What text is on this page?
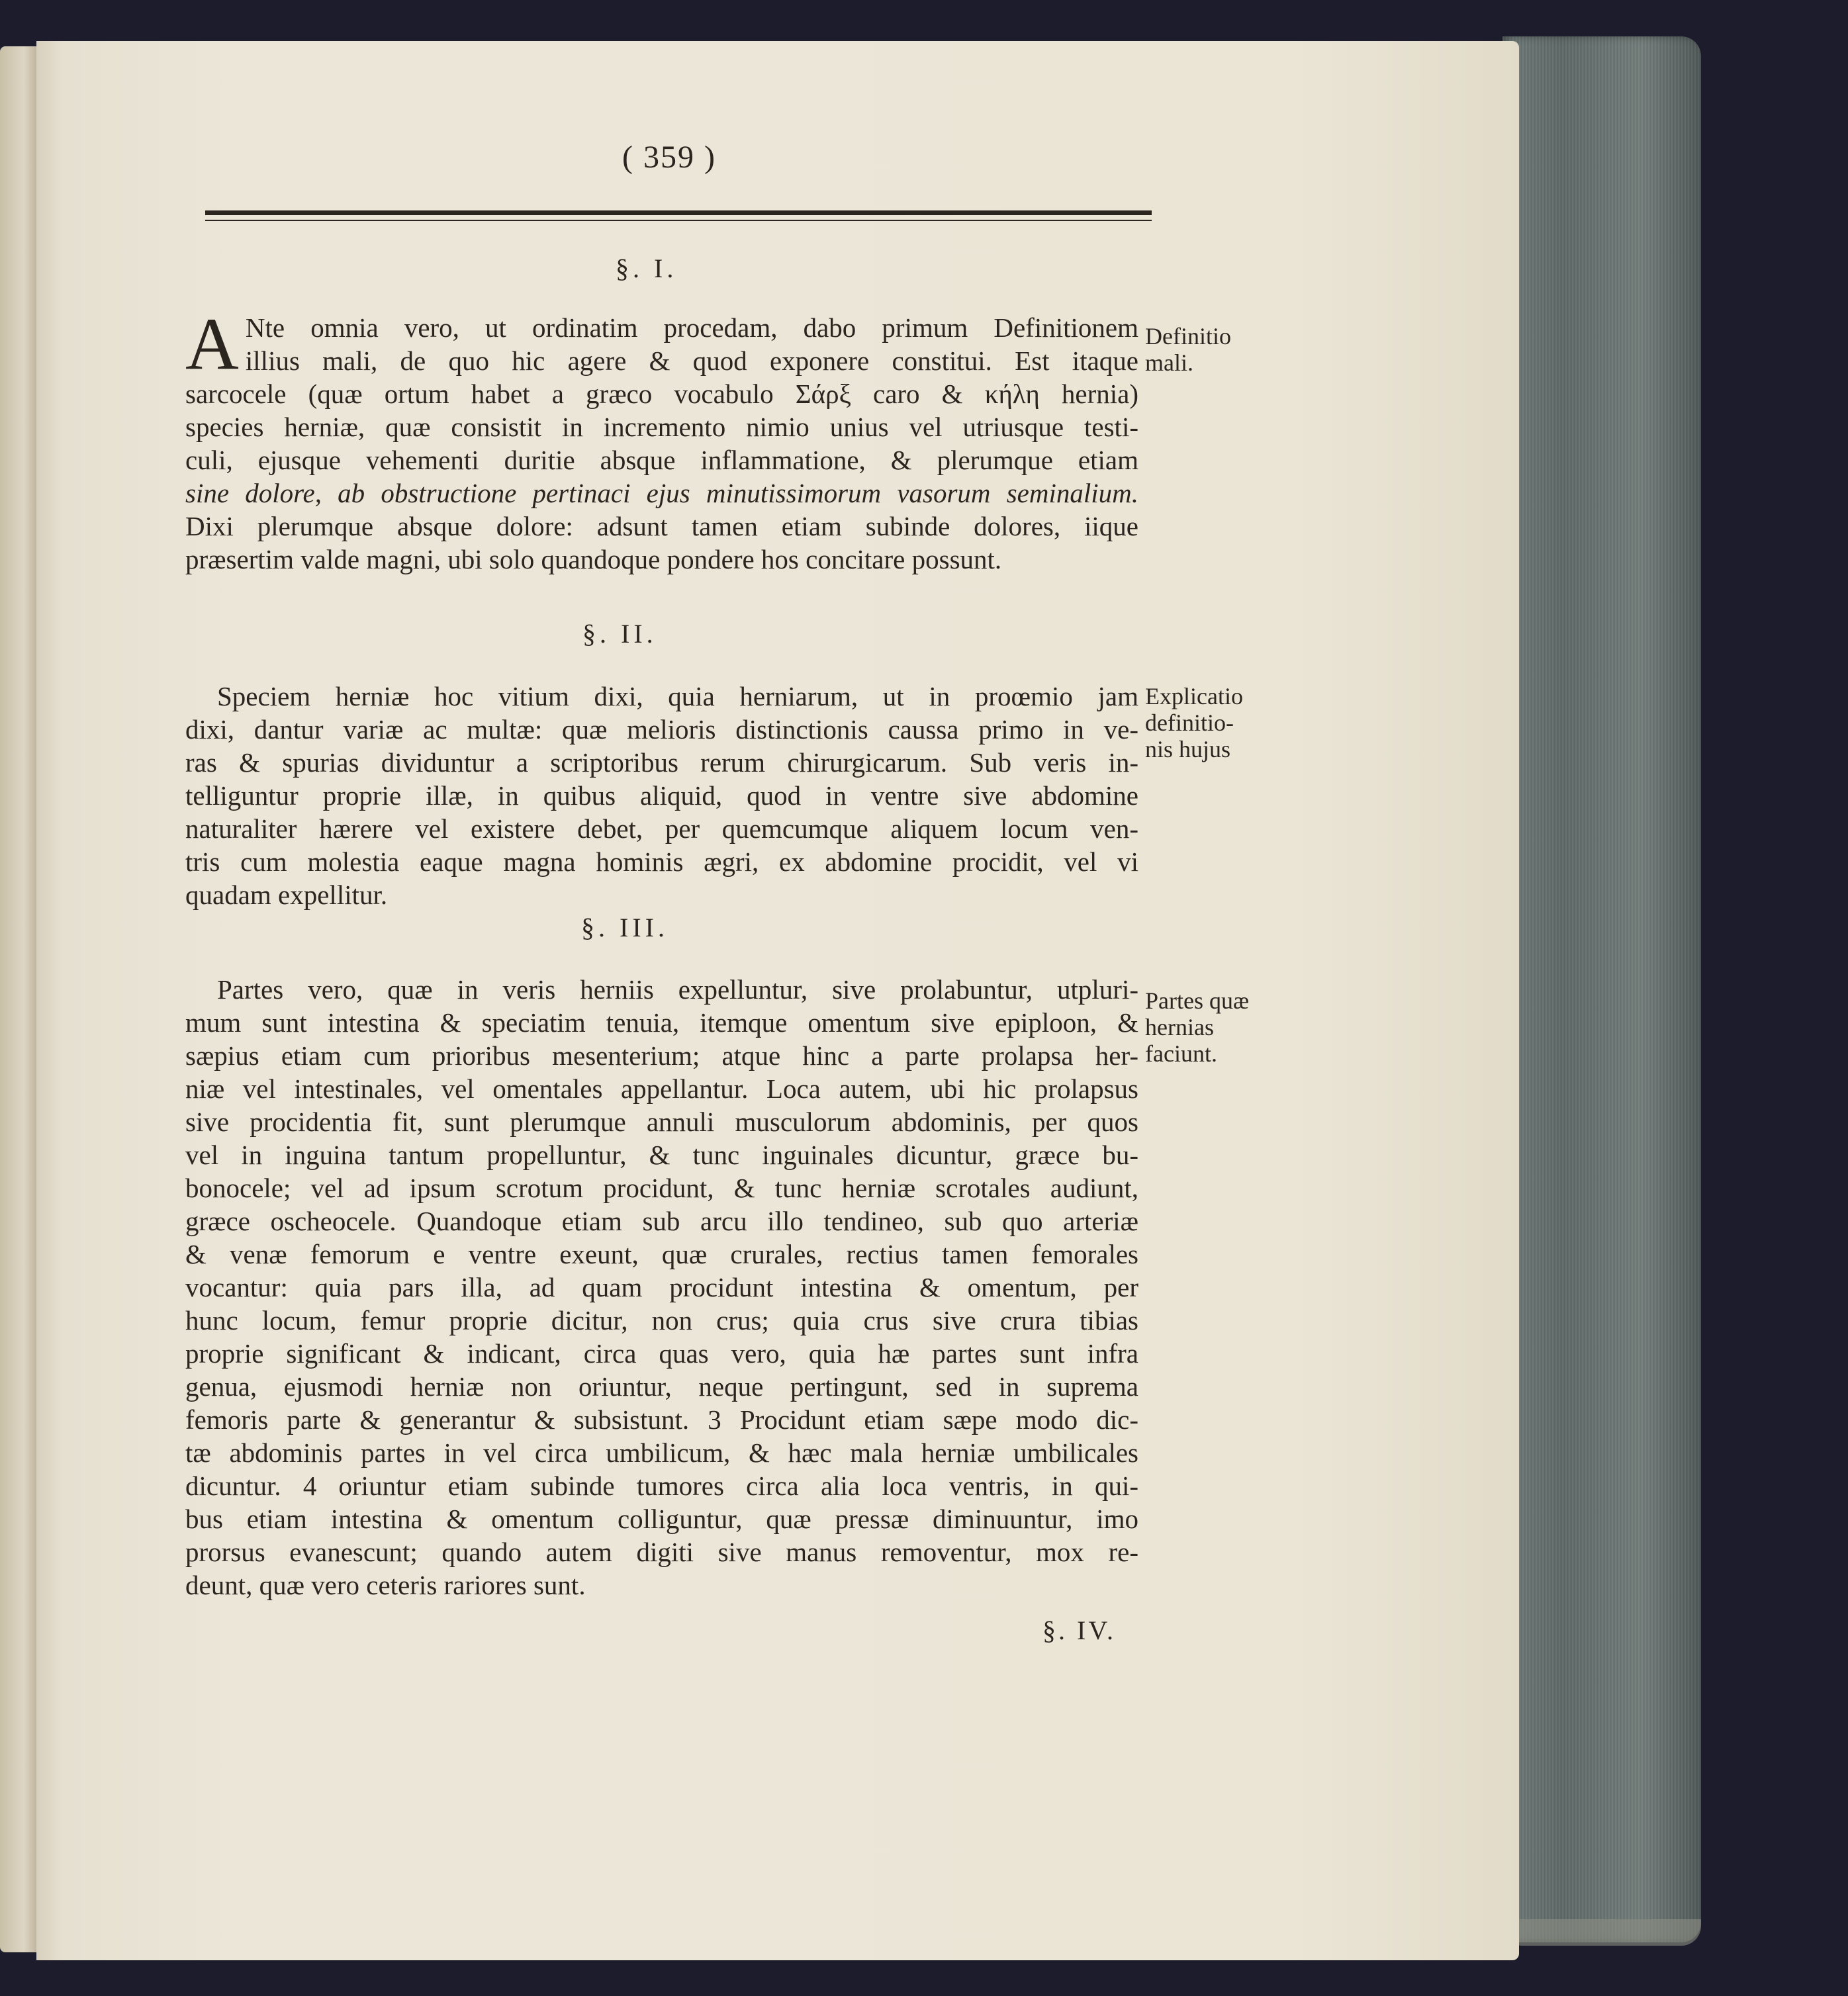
( 359 )
§. I.
A Nte omnia vero, ut ordinatim procedam, dabo primum Definitionem
illius mali, de quo hic agere & quod exponere constitui. Est itaque
sarcocele (quæ ortum habet a græco vocabulo Σάρξ caro & κήλη hernia)
species herniæ, quæ consistit in incremento nimio unius vel utriusque testi-
culi, ejusque vehementi duritie absque inflammatione, & plerumque etiam
sine dolore, ab obstructione pertinaci ejus minutissimorum vasorum seminalium.
Dixi plerumque absque dolore: adsunt tamen etiam subinde dolores, iique
præsertim valde magni, ubi solo quandoque pondere hos concitare possunt.
Definitio
mali.
§. II.
Speciem herniæ hoc vitium dixi, quia herniarum, ut in proœmio jam
dixi, dantur variæ ac multæ: quæ melioris distinctionis caussa primo in ve-
ras & spurias dividuntur a scriptoribus rerum chirurgicarum. Sub veris in-
telliguntur proprie illæ, in quibus aliquid, quod in ventre sive abdomine
naturaliter hærere vel existere debet, per quemcumque aliquem locum ven-
tris cum molestia eaque magna hominis ægri, ex abdomine procidit, vel vi
quadam expellitur.
Explicatio
definitio-
nis hujus
§. III.
Partes vero, quæ in veris herniis expelluntur, sive prolabuntur, utpluri-
mum sunt intestina & speciatim tenuia, itemque omentum sive epiploon, &
sæpius etiam cum prioribus mesenterium; atque hinc a parte prolapsa her-
niæ vel intestinales, vel omentales appellantur. Loca autem, ubi hic prolapsus
sive procidentia fit, sunt plerumque annuli musculorum abdominis, per quos
vel in inguina tantum propelluntur, & tunc inguinales dicuntur, græce bu-
bonocele; vel ad ipsum scrotum procidunt, & tunc herniæ scrotales audiunt,
græce oscheocele. Quandoque etiam sub arcu illo tendineo, sub quo arteriæ
& venæ femorum e ventre exeunt, quæ crurales, rectius tamen femorales
vocantur: quia pars illa, ad quam procidunt intestina & omentum, per
hunc locum, femur proprie dicitur, non crus; quia crus sive crura tibias
proprie significant & indicant, circa quas vero, quia hæ partes sunt infra
genua, ejusmodi herniæ non oriuntur, neque pertingunt, sed in suprema
femoris parte & generantur & subsistunt. 3 Procidunt etiam sæpe modo dic-
tæ abdominis partes in vel circa umbilicum, & hæc mala herniæ umbilicales
dicuntur. 4 oriuntur etiam subinde tumores circa alia loca ventris, in qui-
bus etiam intestina & omentum colliguntur, quæ pressæ diminuuntur, imo
prorsus evanescunt; quando autem digiti sive manus removentur, mox re-
deunt, quæ vero ceteris rariores sunt.
Partes quæ
hernias
faciunt.
§. IV.
